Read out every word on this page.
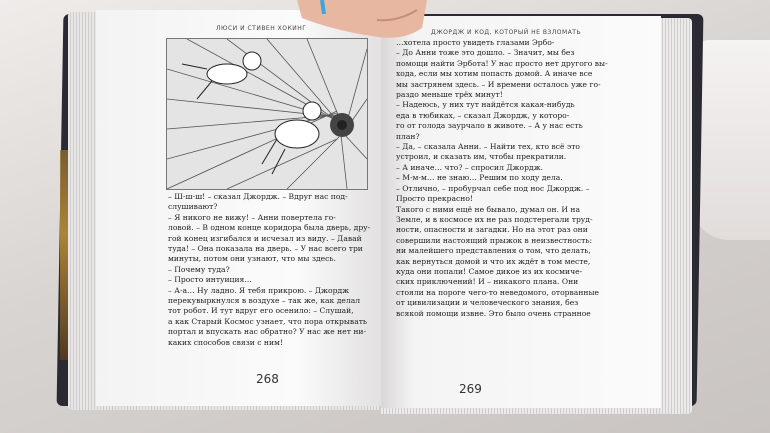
ЛЮСИ И СТИВЕН ХОКИНГ
– Ш-ш-ш! – сказал Джордж. – Вдруг нас под-
слушивают?
– Я никого не вижу! – Анни повертела го-
ловой. – В одном конце коридора была дверь, дру-
гой конец изгибался и исчезал из виду. – Давай
туда! – Она показала на дверь. – У нас всего три
минуты, потом они узнают, что мы здесь.
– Почему туда?
– Просто интуиция…
– А-а… Ну ладно. Я тебя прикрою. – Джордж
перекувыркнулся в воздухе – так же, как делал
тот робот. И тут вдруг его осенило: – Слушай,
а как Старый Космос узнает, что пора открывать
портал и впускать нас обратно? У нас же нет ни-
каких способов связи с ним!
268
ДЖОРДЖ И КОД, КОТОРЫЙ НЕ ВЗЛОМАТЬ
…хотела просто увидеть глазами Эрбо-
– До Анни тоже это дошло. – Значит, мы без
помощи найти Эрбота! У нас просто нет другого вы-
хода, если мы хотим попасть домой. А иначе все
мы застрянем здесь. – И времени осталось уже го-
раздо меньше трёх минут!
– Надеюсь, у них тут найдётся какая-нибудь
еда в тюбиках, – сказал Джордж, у которо-
го от голода заурчало в животе. – А у нас есть
план?
– Да, – сказала Анни. – Найти тех, кто всё это
устроил, и сказать им, чтобы прекратили.
– А иначе… что? – спросил Джордж.
– М-м-м… не знаю… Решим по ходу дела.
– Отлично, – пробурчал себе под нос Джордж. –
Просто прекрасно!
Такого с ними ещё не бывало, думал он. И на
Земле, и в космосе их не раз подстерегали труд-
ности, опасности и загадки. Но на этот раз они
совершили настоящий прыжок в неизвестность:
ни малейшего представления о том, что делать,
как вернуться домой и что их ждёт в том месте,
куда они попали! Самое дикое из их космиче-
ских приключений! И – никакого плана. Они
стояли на пороге чего-то неведомого, оторванные
от цивилизации и человеческого знания, без
всякой помощи извне. Это было очень странное
269
